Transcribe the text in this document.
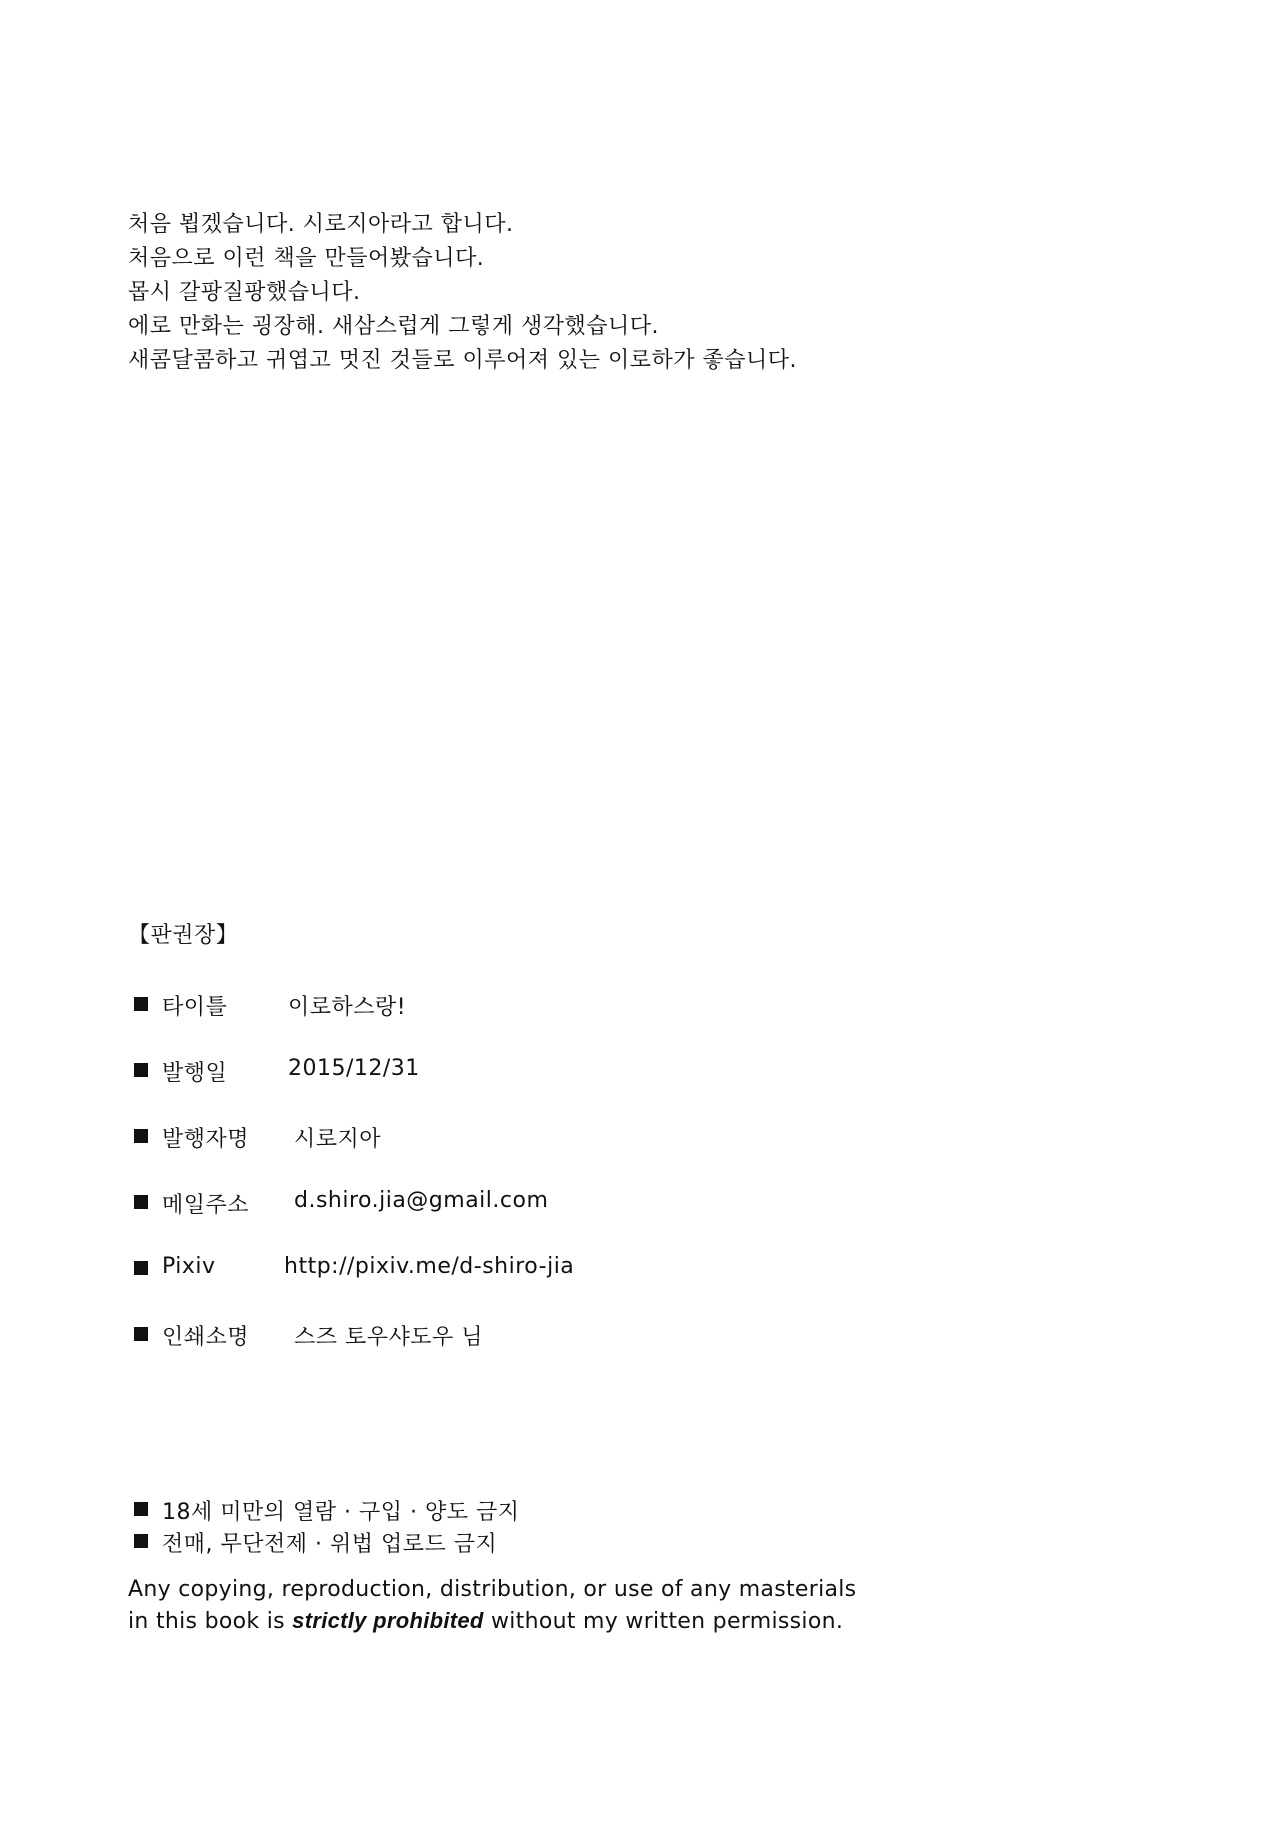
처음 뵙겠습니다. 시로지아라고 합니다.

처음으로 이런 책을 만들어봤습니다.

몹시 갈팡질팡했습니다.

에로 만화는 굉장해. 새삼스럽게 그렇게 생각했습니다.

새콤달콤하고 귀엽고 멋진 것들로 이루어져 있는 이로하가 좋습니다.

【판권장】
타이틀	이로하스랑!
발행일	2015/12/31
발행자명 시로지아
메일주소 d.shiro.jia@gmail.com
Pixiv	http://pixiv.me/d-shiro-jia
인쇄소명 스즈 토우샤도우 님
18세 미만의 열람 · 구입 · 양도 금지
전매, 무단전제 · 위법 업로드 금지

Any copying, reproduction, distribution, or use of any masterials

in this book is strictly prohibited without my written permission.
